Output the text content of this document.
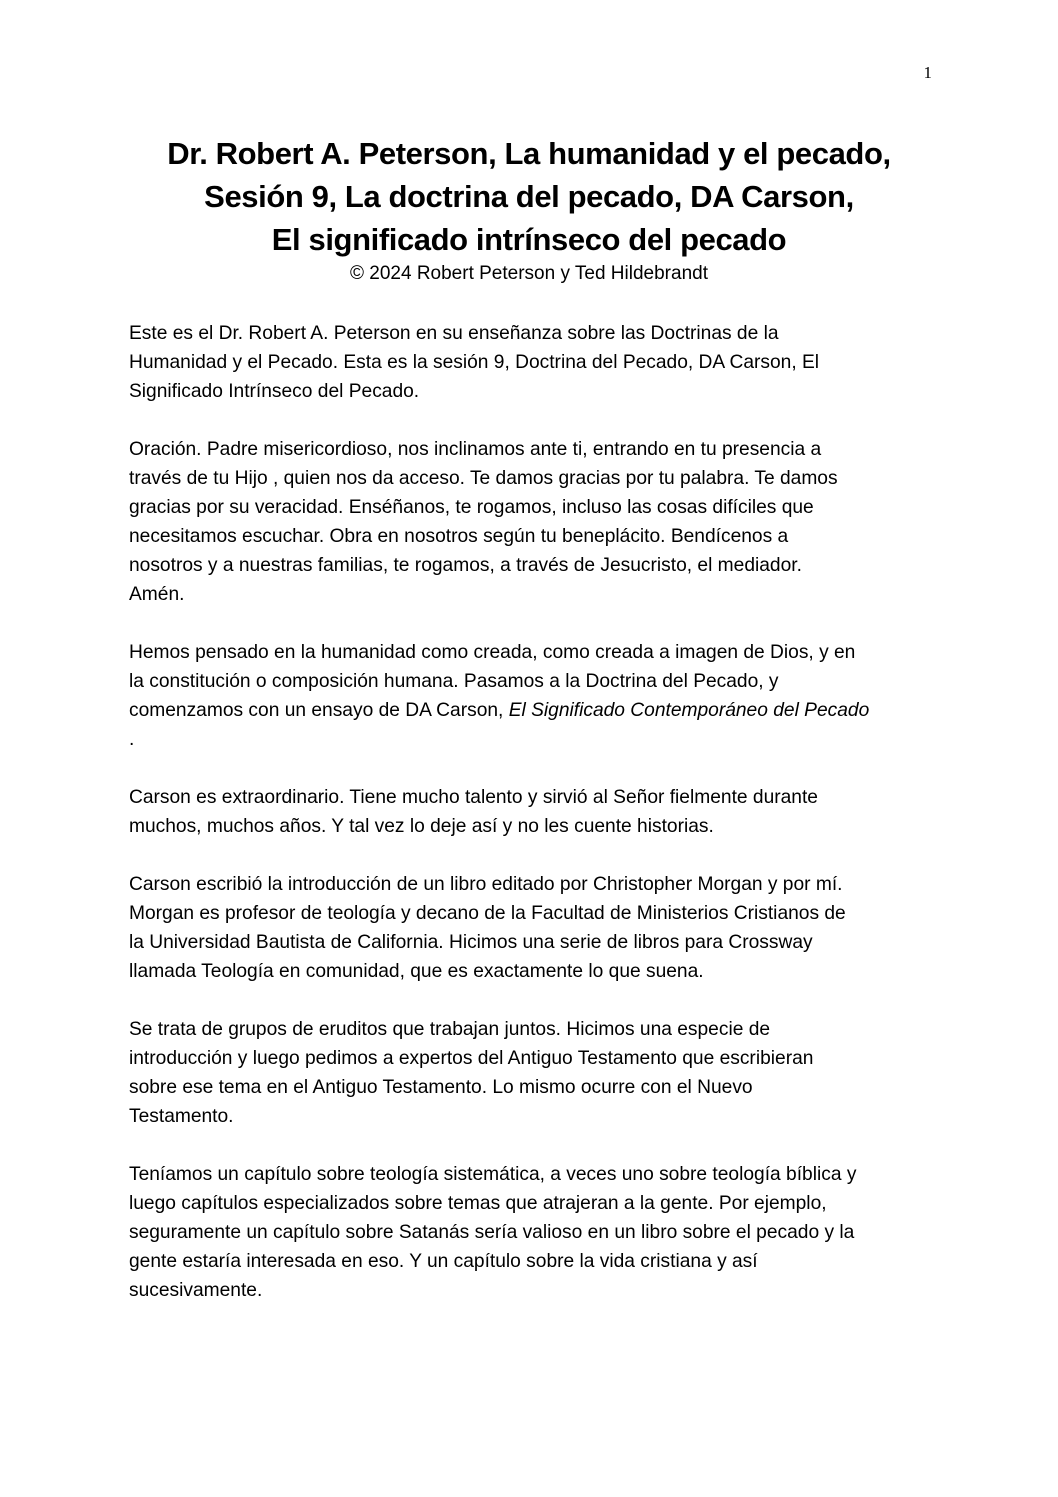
1
Dr. Robert A. Peterson, La humanidad y el pecado,
Sesión 9, La doctrina del pecado, DA Carson,
El significado intrínseco del pecado
© 2024 Robert Peterson y Ted Hildebrandt

Este es el Dr. Robert A. Peterson en su enseñanza sobre las Doctrinas de la
Humanidad y el Pecado. Esta es la sesión 9, Doctrina del Pecado, DA Carson, El
Significado Intrínseco del Pecado.

Oración. Padre misericordioso, nos inclinamos ante ti, entrando en tu presencia a
través de tu Hijo , quien nos da acceso. Te damos gracias por tu palabra. Te damos
gracias por su veracidad. Enséñanos, te rogamos, incluso las cosas difíciles que
necesitamos escuchar. Obra en nosotros según tu beneplácito. Bendícenos a
nosotros y a nuestras familias, te rogamos, a través de Jesucristo, el mediador.
Amén.

Hemos pensado en la humanidad como creada, como creada a imagen de Dios, y en
la constitución o composición humana. Pasamos a la Doctrina del Pecado, y
comenzamos con un ensayo de DA Carson, El Significado Contemporáneo del Pecado
.

Carson es extraordinario. Tiene mucho talento y sirvió al Señor fielmente durante
muchos, muchos años. Y tal vez lo deje así y no les cuente historias.

Carson escribió la introducción de un libro editado por Christopher Morgan y por mí.
Morgan es profesor de teología y decano de la Facultad de Ministerios Cristianos de
la Universidad Bautista de California. Hicimos una serie de libros para Crossway
llamada Teología en comunidad, que es exactamente lo que suena.

Se trata de grupos de eruditos que trabajan juntos. Hicimos una especie de
introducción y luego pedimos a expertos del Antiguo Testamento que escribieran
sobre ese tema en el Antiguo Testamento. Lo mismo ocurre con el Nuevo
Testamento.

Teníamos un capítulo sobre teología sistemática, a veces uno sobre teología bíblica y
luego capítulos especializados sobre temas que atrajeran a la gente. Por ejemplo,
seguramente un capítulo sobre Satanás sería valioso en un libro sobre el pecado y la
gente estaría interesada en eso. Y un capítulo sobre la vida cristiana y así
sucesivamente.
